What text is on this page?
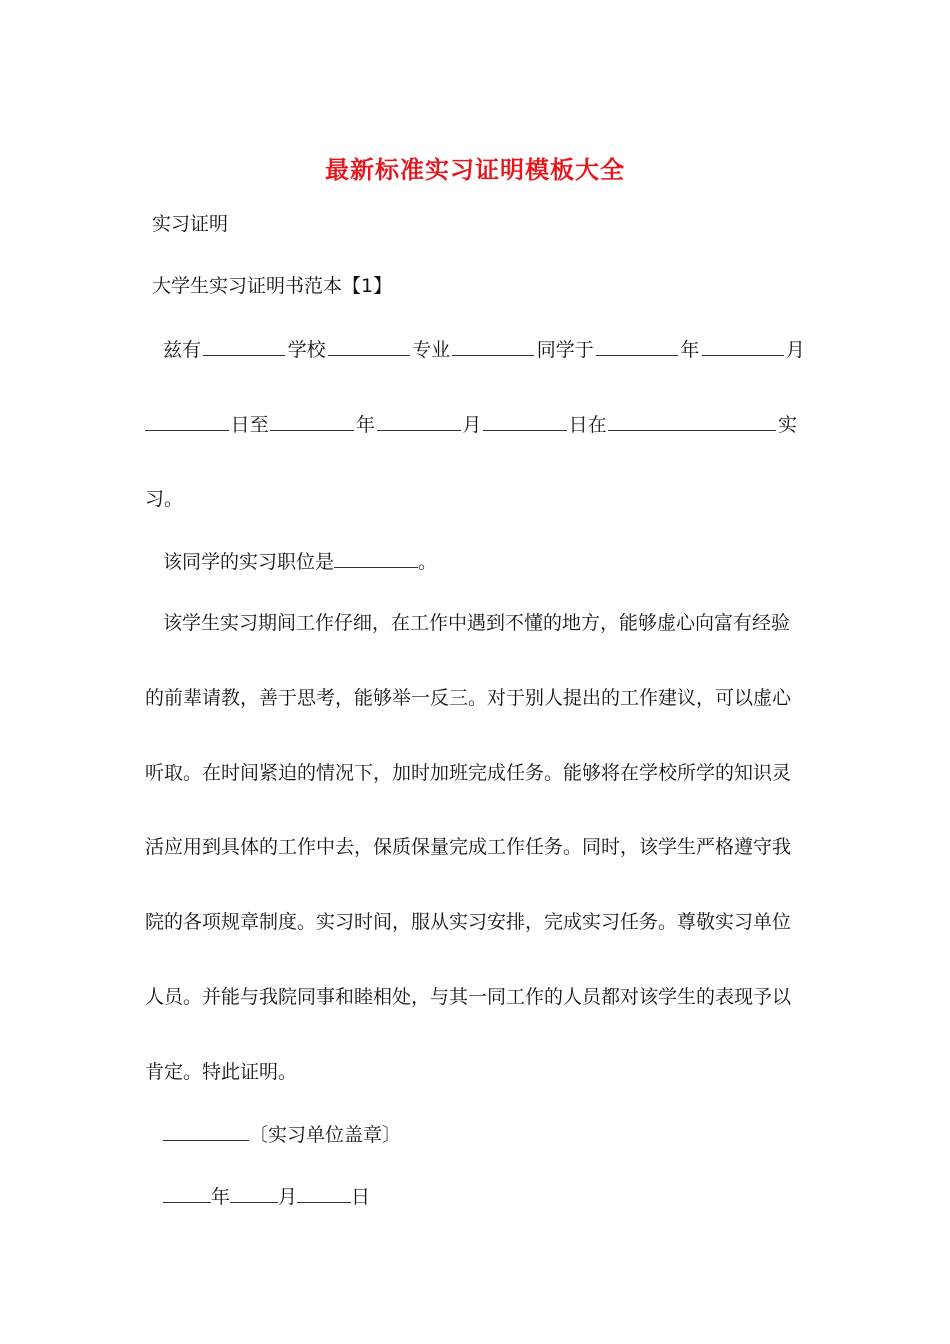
最新标准实习证明模板大全
实习证明
大学生实习证明书范本【1】
兹有	学校	专业	同学于	年	月
日至	年	月	日在	实
习。
该同学的实习职位是	。
该学生实习期间工作仔细，在工作中遇到不懂的地方，能够虚心向富有经验
的前辈请教，善于思考，能够举一反三。对于别人提出的工作建议，可以虚心
听取。在时间紧迫的情况下，加时加班完成任务。能够将在学校所学的知识灵
活应用到具体的工作中去，保质保量完成工作任务。同时，该学生严格遵守我
院的各项规章制度。实习时间，服从实习安排，完成实习任务。尊敬实习单位
人员。并能与我院同事和睦相处，与其一同工作的人员都对该学生的表现予以
肯定。特此证明。
〔实习单位盖章〕
年	月	日
